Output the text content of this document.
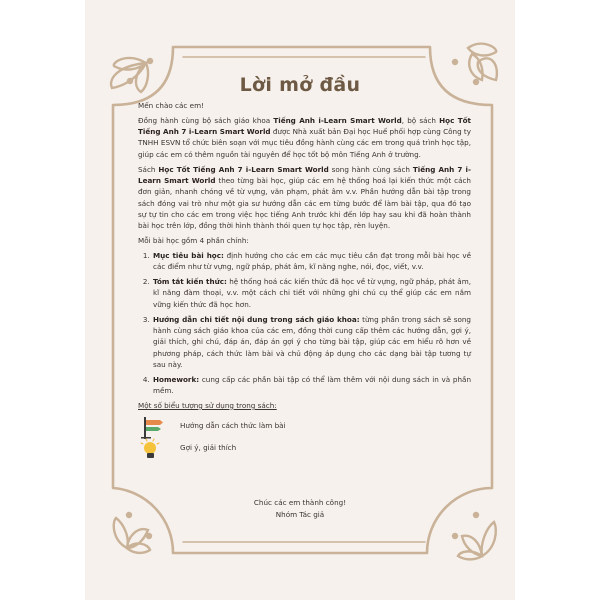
Lời mở đầu

Mến chào các em!

Đồng hành cùng bộ sách giáo khoa Tiếng Anh i-Learn Smart World, bộ sách Học Tốt Tiếng Anh 7 i-Learn Smart World được Nhà xuất bản Đại học Huế phối hợp cùng Công ty TNHH ESVN tổ chức biên soạn với mục tiêu đồng hành cùng các em trong quá trình học tập, giúp các em có thêm nguồn tài nguyên để học tốt bộ môn Tiếng Anh ở trường.

Sách Học Tốt Tiếng Anh 7 i-Learn Smart World song hành cùng sách Tiếng Anh 7 i-Learn Smart World theo từng bài học, giúp các em hệ thống hoá lại kiến thức một cách đơn giản, nhanh chóng về từ vựng, văn phạm, phát âm v.v. Phần hướng dẫn bài tập trong sách đóng vai trò như một gia sư hướng dẫn các em từng bước để làm bài tập, qua đó tạo sự tự tin cho các em trong việc học tiếng Anh trước khi đến lớp hay sau khi đã hoàn thành bài học trên lớp, đồng thời hình thành thói quen tự học tập, rèn luyện.

Mỗi bài học gồm 4 phần chính:

1. Mục tiêu bài học: định hướng cho các em các mục tiêu cần đạt trong mỗi bài học về các điểm như từ vựng, ngữ pháp, phát âm, kĩ năng nghe, nói, đọc, viết, v.v.
2. Tóm tắt kiến thức: hệ thống hoá các kiến thức đã học về từ vựng, ngữ pháp, phát âm, kĩ năng đàm thoại, v.v. một cách chi tiết với những ghi chú cụ thể giúp các em nắm vững kiến thức đã học hơn.
3. Hướng dẫn chi tiết nội dung trong sách giáo khoa: từng phần trong sách sẽ song hành cùng sách giáo khoa của các em, đồng thời cung cấp thêm các hướng dẫn, gợi ý, giải thích, ghi chú, đáp án, đáp án gợi ý cho từng bài tập, giúp các em hiểu rõ hơn về phương pháp, cách thức làm bài và chủ động áp dụng cho các dạng bài tập tương tự sau này.
4. Homework: cung cấp các phần bài tập có thể làm thêm với nội dung sách in và phần mềm.

Một số biểu tượng sử dụng trong sách:

Hướng dẫn cách thức làm bài
Gợi ý, giải thích
Chúc các em thành công!
Nhóm Tác giả
